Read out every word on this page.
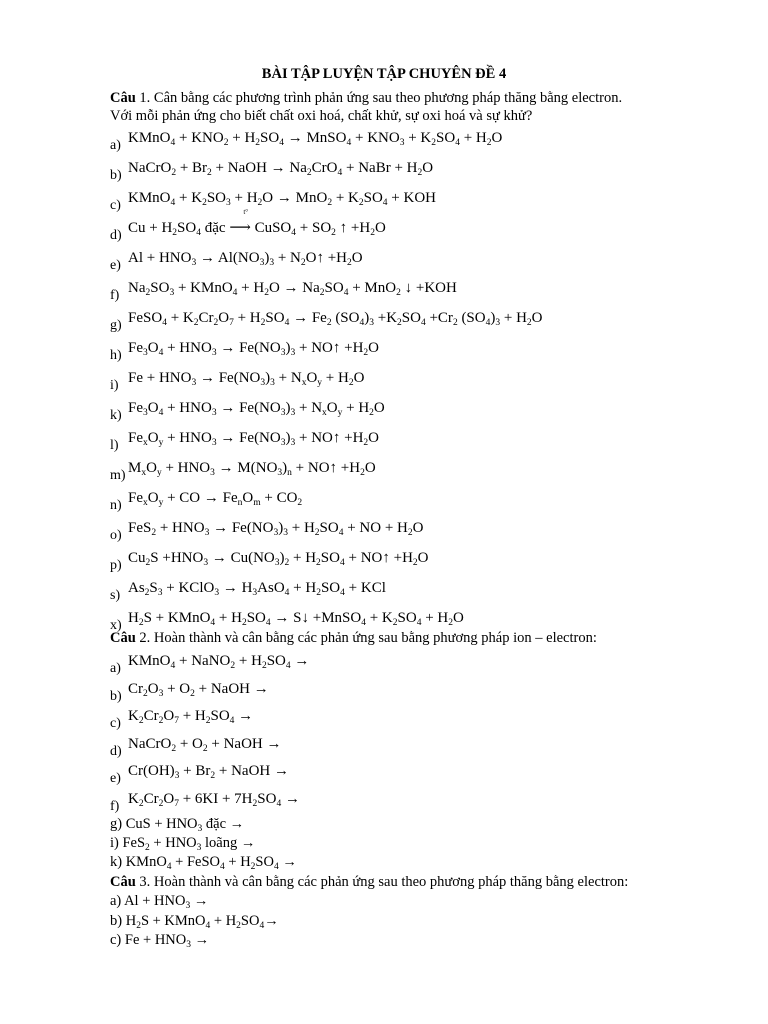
BÀI TẬP LUYỆN TẬP CHUYÊN ĐỀ 4
Câu 1. Cân bằng các phương trình phản ứng sau theo phương pháp thăng bằng electron.
Với mỗi phản ứng cho biết chất oxi hoá, chất khử, sự oxi hoá và sự khử?
a) KMnO$_4$ + $KNO_2 + H_2SO_4$ → MnSO$_4$ + $KNO_3 + K_2SO_4 + H_2O$
b) NaCrO$_2$ + $Br_2$ + NaOH → $Na_2CrO_4$ + NaBr + $H_2O$
c) KMnO$_4$ + $K_2SO_3 + H_2O \to MnO_2 + K_2SO_4$ + KOH
d) $Cu + H_2SO_4$ đặc
t°
⟶ CuSO$_4$ + $SO_2$ ↑ $+H_2O$
e) $Al + HNO_3 \to Al(NO_3)_3$ + $N_2O↑ +H_2O$
f) $Na_2SO_3$ + KMnO$_4$ + $H_2O \to Na_2SO_4 + MnO_2$ ↓ +KOH
g) FeSO$_4$ + $K_2Cr_2O_7 + H_2SO_4 \to Fe_2$ $(SO_4)_3 +K_2SO_4 +Cr_2$ $(SO_4)_3 + H_2O$
h) $Fe_3O_4 + HNO_3 \to Fe(NO_3)_3$ + NO↑ $+H_2O$
i) $Fe + HNO_3 \to Fe(NO_3)_3 + N_xO_y + H_2O$
k) $Fe_3O_4 + HNO_3 \to Fe(NO_3)_3 + N_xO_y + H_2O$
l) $Fe_xO_y + HNO_3 \to Fe(NO_3)_3$ + NO↑ $+H_2O$
m) $M_xO_y + HNO_3 \to M(NO_3)_n$ + NO↑ $+H_2O$
n) $Fe_xO_y$ + CO → $Fe_nO_m + CO_2$
o) $FeS_2 + HNO_3 \to Fe(NO_3)_3 + H_2SO_4$ + NO + $H_2O$
p) $Cu_2S +HNO_3 \to Cu(NO_3)_2 + H_2SO_4$ + NO↑ $+H_2O$
s) $As_2S_3$ + KClO$_3$ → $H_3AsO_4 + H_2SO_4$ + KCl
x) $H_2S$ + KMnO$_4$ + $H_2SO_4$ → S↓ +MnSO$_4$ + $K_2SO_4 + H_2O$
Câu 2. Hoàn thành và cân bằng các phản ứng sau bằng phương pháp ion – electron:
a) KMnO$_4$ + NaNO$_2$ + $H_2SO_4$ →
b) $Cr_2O_3 + O_2$ + NaOH →
c) $K_2Cr_2O_7 + H_2SO_4$ →
d) NaCrO$_2$ + $O_2$ + NaOH →
e) $Cr(OH)_3 + Br_2$ + NaOH →
f) $K_2Cr_2O_7 + 6KI + 7H_2SO_4$ →
g) CuS + $HNO_3$ đặc →
i) $FeS_2 + HNO_3$ loãng →
k) KMnO$_4$ + FeSO$_4$ + $H_2SO_4$ →
Câu 3. Hoàn thành và cân bằng các phản ứng sau theo phương pháp thăng bằng electron:
a) $Al + HNO_3$ →
b) $H_2S$ + KMnO$_4$ + $H_2SO_4\to$
c) $Fe + HNO_3$ →
